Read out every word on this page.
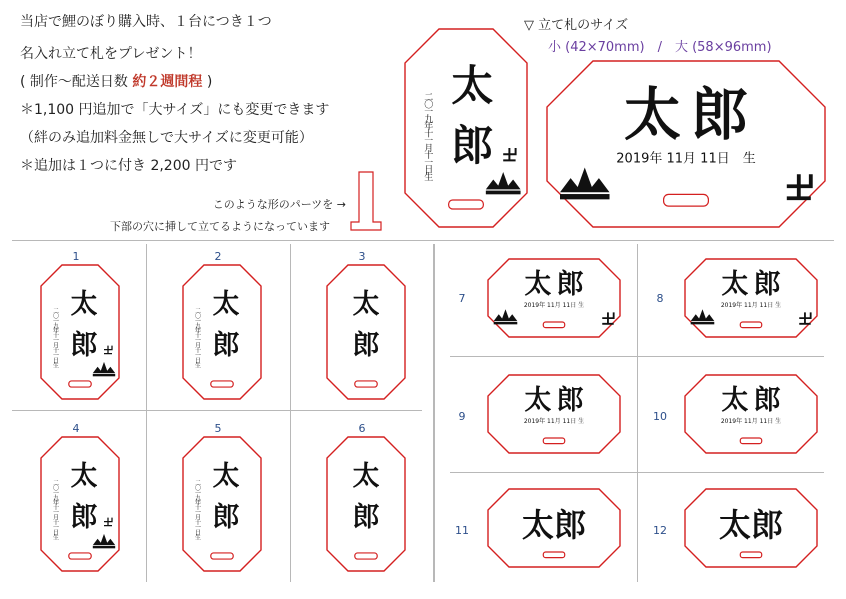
当店で鯉のぼり購入時、１台につき１つ
名入れ立て札をプレゼント！
( 制作～配送日数 約２週間程 )
＊1,100 円追加で「大サイズ」にも変更できます
（絆のみ追加料金無しで大サイズに変更可能）
＊追加は１つに付き 2,200 円です
▽ 立て札のサイズ
小 (42×70mm)　/　大 (58×96mm)
このような形のパーツを →
下部の穴に挿して立てるようになっています
太
郎
二
〇
一
九
年
十
一
月
十
一
日
生
太 郎
2019年 11月 11日　生
太
郎
二
〇
一
九
年
十
一
月
十
一
日
生
1
太
郎
二
〇
一
九
年
十
一
月
十
一
日
生
2
太
郎
3
太
郎
二
〇
一
九
年
十
一
月
十
一
日
生
4
太
郎
二
〇
一
九
年
十
一
月
十
一
日
生
5
太
郎
6
太 郎
2019年 11月 11日 生
7	太 郎
2019年 11月 11日 生
8
太 郎
2019年 11月 11日 生
9
太 郎
2019年 11月 11日 生
10
太 郎
11	太 郎
12
